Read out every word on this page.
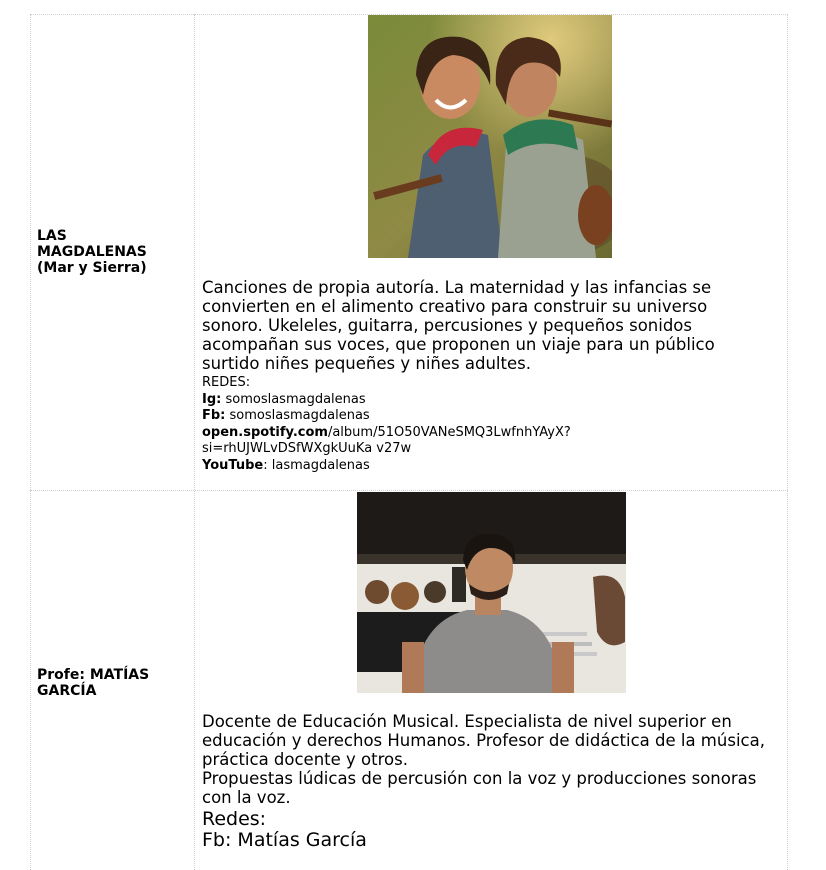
LAS
MAGDALENAS
(Mar y Sierra)
Canciones de propia autoría. La maternidad y las infancias se
convierten en el alimento creativo para construir su universo
sonoro. Ukeleles, guitarra, percusiones y pequeños sonidos
acompañan sus voces, que proponen un viaje para un público
surtido niñes pequeñes y niñes adultes.
REDES:
Ig: somoslasmagdalenas
Fb: somoslasmagdalenas
open.spotify.com/album/51O50VANeSMQ3LwfnhYAyX?
si=rhUJWLvDSfWXgkUuKa v27w
YouTube: lasmagdalenas
Profe: MATÍAS
GARCÍA
Docente de Educación Musical. Especialista de nivel superior en
educación y derechos Humanos. Profesor de didáctica de la música,
práctica docente y otros.
Propuestas lúdicas de percusión con la voz y producciones sonoras
con la voz.
Redes:
Fb: Matías García
